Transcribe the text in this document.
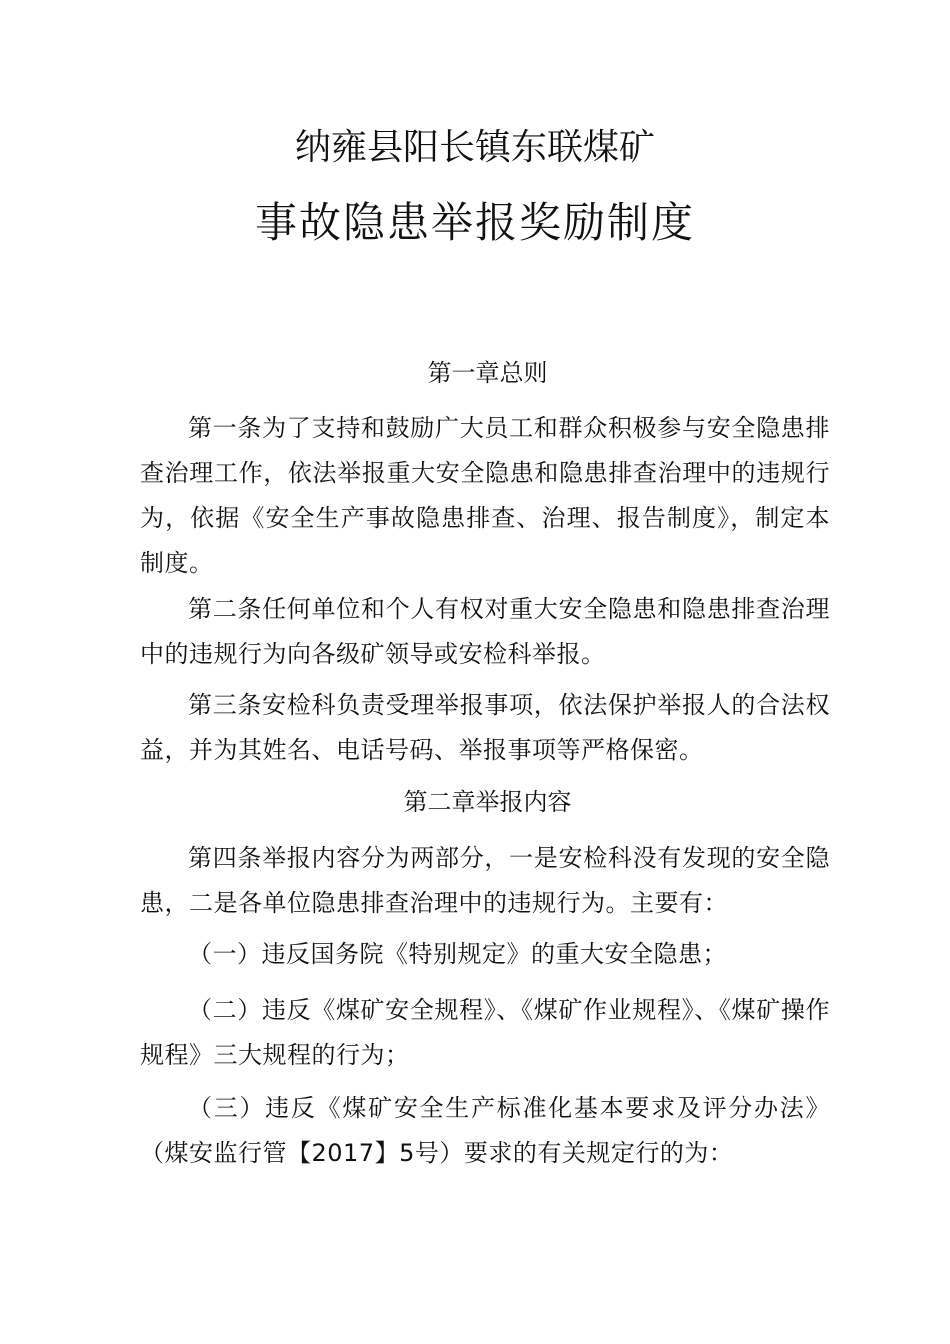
纳雍县阳长镇东联煤矿
事故隐患举报奖励制度
第一章总则

第一条为了支持和鼓励广大员工和群众积极参与安全隐患排查治理工作，依法举报重大安全隐患和隐患排查治理中的违规行为，依据《安全生产事故隐患排查、治理、报告制度》，制定本制度。

第二条任何单位和个人有权对重大安全隐患和隐患排查治理中的违规行为向各级矿领导或安检科举报。

第三条安检科负责受理举报事项，依法保护举报人的合法权益，并为其姓名、电话号码、举报事项等严格保密。

第二章举报内容

第四条举报内容分为两部分，一是安检科没有发现的安全隐患，二是各单位隐患排查治理中的违规行为。主要有：

（一）违反国务院《特别规定》的重大安全隐患；

（二）违反《煤矿安全规程》、《煤矿作业规程》、《煤矿操作规程》三大规程的行为；

（三）违反《煤矿安全生产标准化基本要求及评分办法》（煤安监行管【2017】5号）要求的有关规定行的为：
